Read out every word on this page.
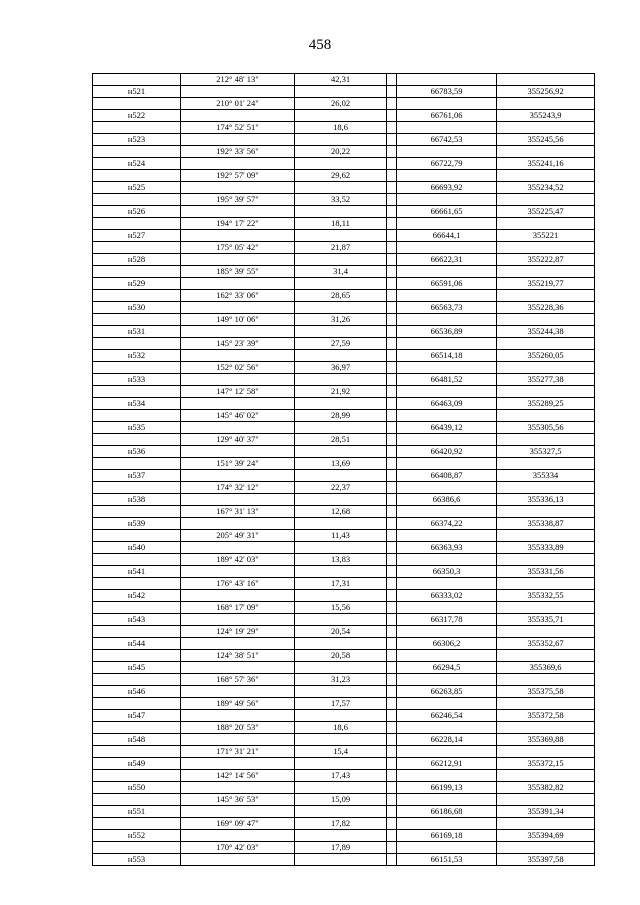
458
	212° 48' 13"	42,31			
н521				66783,59	355256,92
	210° 01' 24"	26,02			
н522				66761,06	355243,9
	174° 52' 51"	18,6			
н523				66742,53	355245,56
	192° 33' 56"	20,22			
н524				66722,79	355241,16
	192° 57' 09"	29,62			
н525				66693,92	355234,52
	195° 39' 57"	33,52			
н526				66661,65	355225,47
	194° 17' 22"	18,11			
н527				66644,1	355221
	175° 05' 42"	21,87			
н528				66622,31	355222,87
	185° 39' 55"	31,4			
н529				66591,06	355219,77
	162° 33' 06"	28,65			
н530				66563,73	355228,36
	149° 10' 06"	31,26			
н531				66536,89	355244,38
	145° 23' 39"	27,59			
н532				66514,18	355260,05
	152° 02' 56"	36,97			
н533				66481,52	355277,38
	147° 12' 58"	21,92			
н534				66463,09	355289,25
	145° 46' 02"	28,99			
н535				66439,12	355305,56
	129° 40' 37"	28,51			
н536				66420,92	355327,5
	151° 39' 24"	13,69			
н537				66408,87	355334
	174° 32' 12"	22,37			
н538				66386,6	355336,13
	167° 31' 13"	12,68			
н539				66374,22	355338,87
	205° 49' 31"	11,43			
н540				66363,93	355333,89
	189° 42' 03"	13,83			
н541				66350,3	355331,56
	176° 43' 16"	17,31			
н542				66333,02	355332,55
	168° 17' 09"	15,56			
н543				66317,78	355335,71
	124° 19' 29"	20,54			
н544				66306,2	355352,67
	124° 38' 51"	20,58			
н545				66294,5	355369,6
	168° 57' 36"	31,23			
н546				66263,85	355375,58
	189° 49' 56"	17,57			
н547				66246,54	355372,58
	188° 20' 53"	18,6			
н548				66228,14	355369,88
	171° 31' 21"	15,4			
н549				66212,91	355372,15
	142° 14' 56"	17,43			
н550				66199,13	355382,82
	145° 36' 53"	15,09			
н551				66186,68	355391,34
	169° 09' 47"	17,82			
н552				66169,18	355394,69
	170° 42' 03"	17,89			
н553				66151,53	355397,58
